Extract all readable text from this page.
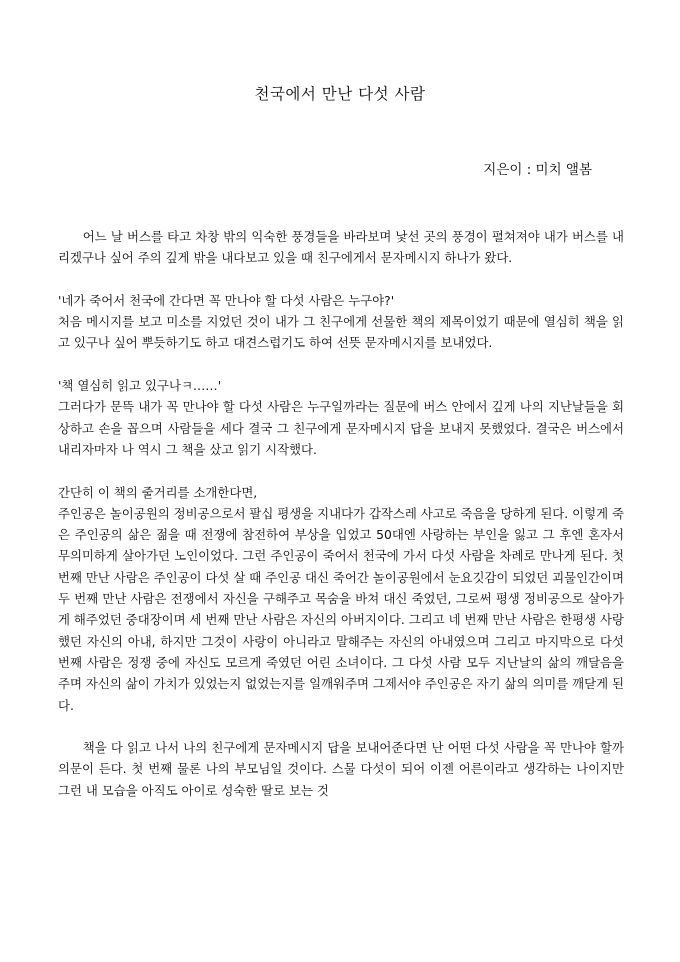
천국에서 만난 다섯 사람

지은이 : 미치 앨봄

어느 날 버스를 타고 차창 밖의 익숙한 풍경들을 바라보며 낯선 곳의 풍경이 펼쳐져야 내가 버스를 내리겠구나 싶어 주의 깊게 밖을 내다보고 있을 때 친구에게서 문자메시지 하나가 왔다.

'네가 죽어서 천국에 간다면 꼭 만나야 할 다섯 사람은 누구야?'
처음 메시지를 보고 미소를 지었던 것이 내가 그 친구에게 선물한 책의 제목이었기 때문에 열심히 책을 읽고 있구나 싶어 뿌듯하기도 하고 대견스럽기도 하여 선뜻 문자메시지를 보내었다.

'책 열심히 읽고 있구나ㅋ……'
그러다가 문뜩 내가 꼭 만나야 할 다섯 사람은 누구일까라는 질문에 버스 안에서 깊게 나의 지난날들을 회상하고 손을 꼽으며 사람들을 세다 결국 그 친구에게 문자메시지 답을 보내지 못했었다. 결국은 버스에서 내리자마자 나 역시 그 책을 샀고 읽기 시작했다.

간단히 이 책의 줄거리를 소개한다면,
주인공은 놀이공원의 정비공으로서 팔십 평생을 지내다가 갑작스레 사고로 죽음을 당하게 된다. 이렇게 죽은 주인공의 삶은 젊을 때 전쟁에 참전하여 부상을 입었고 50대엔 사랑하는 부인을 잃고 그 후엔 혼자서 무의미하게 살아가던 노인이었다. 그런 주인공이 죽어서 천국에 가서 다섯 사람을 차례로 만나게 된다. 첫 번째 만난 사람은 주인공이 다섯 살 때 주인공 대신 죽어간 놀이공원에서 눈요깃감이 되었던 괴물인간이며 두 번째 만난 사람은 전쟁에서 자신을 구해주고 목숨을 바쳐 대신 죽었던, 그로써 평생 정비공으로 살아가게 해주었던 중대장이며 세 번째 만난 사람은 자신의 아버지이다. 그리고 네 번째 만난 사람은 한평생 사랑했던 자신의 아내, 하지만 그것이 사랑이 아니라고 말해주는 자신의 아내였으며 그리고 마지막으로 다섯 번째 사람은 정쟁 중에 자신도 모르게 죽였던 어린 소녀이다. 그 다섯 사람 모두 지난날의 삶의 깨달음을 주며 자신의 삶이 가치가 있었는지 없었는지를 일깨워주며 그제서야 주인공은 자기 삶의 의미를 깨닫게 된다.

책을 다 읽고 나서 나의 친구에게 문자메시지 답을 보내어준다면 난 어떤 다섯 사람을 꼭 만나야 할까 의문이 든다. 첫 번째 물론 나의 부모님일 것이다. 스물 다섯이 되어 이젠 어른이라고 생각하는 나이지만 그런 내 모습을 아직도 아이로 성숙한 딸로 보는 것
